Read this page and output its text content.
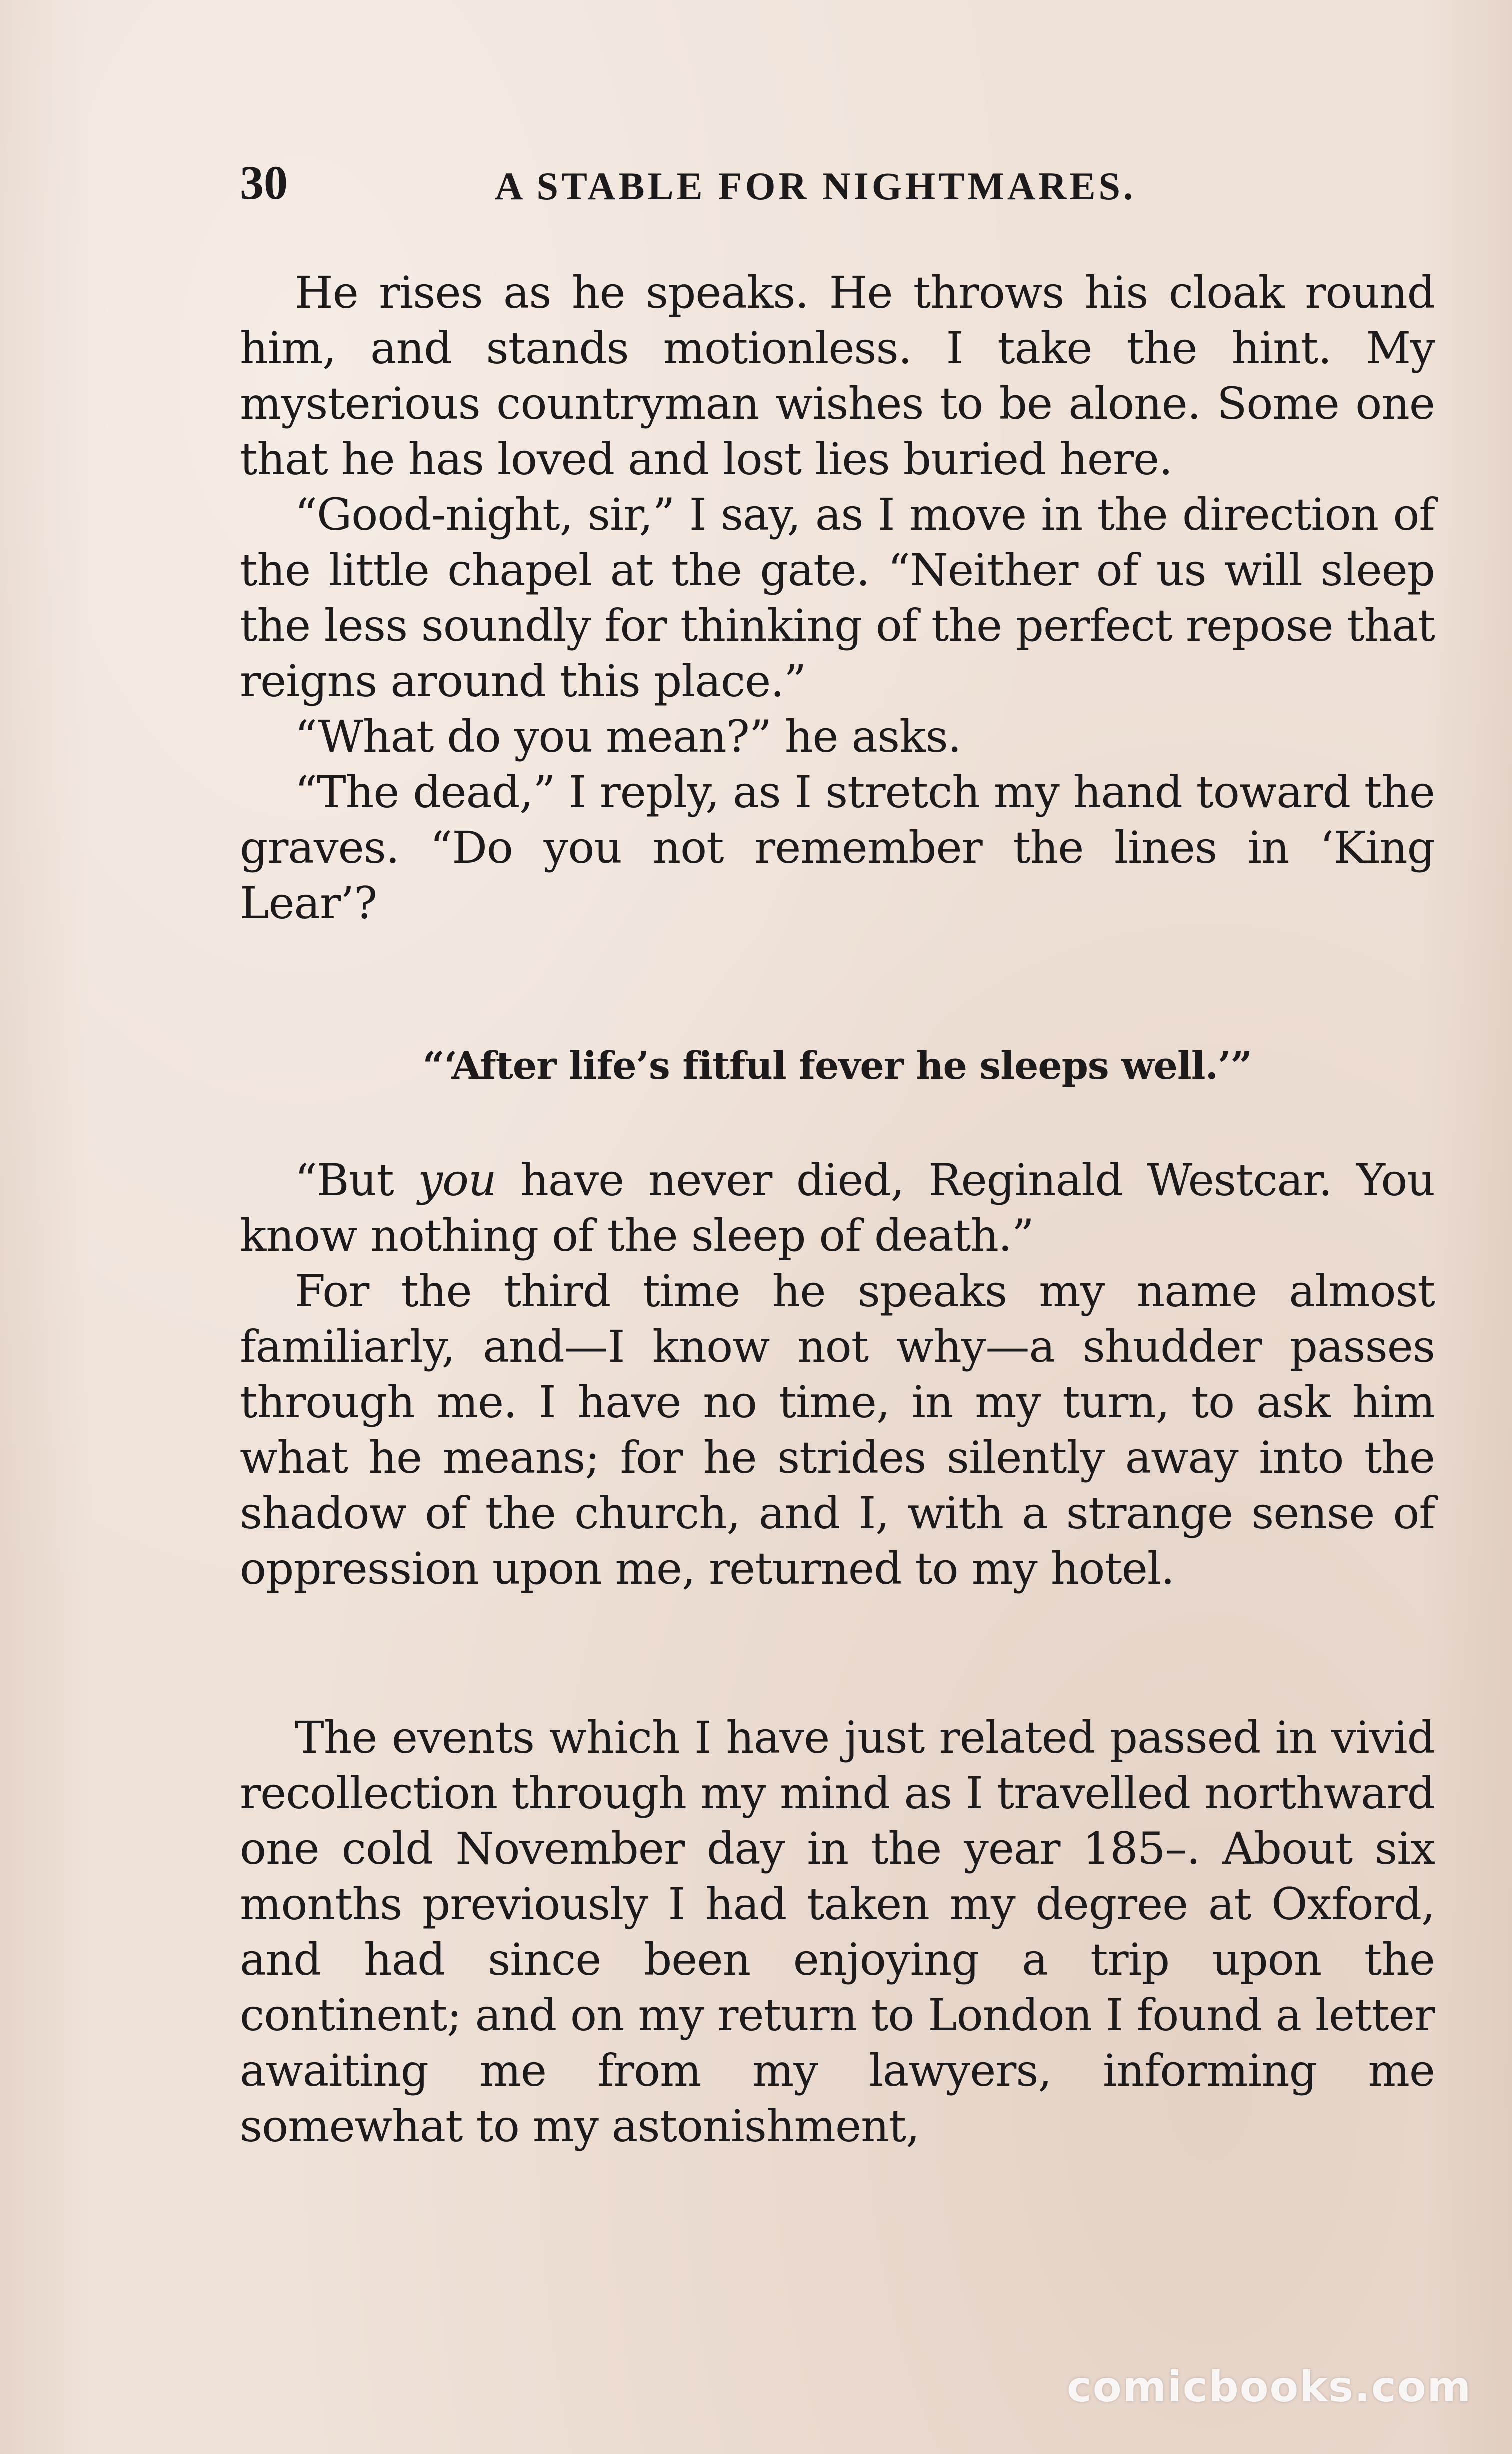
30	A STABLE FOR NIGHTMARES.

He rises as he speaks. He throws his cloak round him, and stands motionless. I take the hint. My mysterious countryman wishes to be alone. Some one that he has loved and lost lies buried here.

“Good-night, sir,” I say, as I move in the direction of the little chapel at the gate. “Neither of us will sleep the less soundly for thinking of the perfect repose that reigns around this place.”

“What do you mean?” he asks.

“The dead,” I reply, as I stretch my hand toward the graves. “Do you not remember the lines in ‘King Lear’?

“‘After life’s fitful fever he sleeps well.’”

“But you have never died, Reginald Westcar. You know nothing of the sleep of death.”

For the third time he speaks my name almost familiarly, and—I know not why—a shudder passes through me. I have no time, in my turn, to ask him what he means; for he strides silently away into the shadow of the church, and I, with a strange sense of oppression upon me, returned to my hotel.

The events which I have just related passed in vivid recollection through my mind as I travelled northward one cold November day in the year 185–. About six months previously I had taken my degree at Oxford, and had since been enjoying a trip upon the continent; and on my return to London I found a letter awaiting me from my lawyers, informing me somewhat to my astonishment,

comicbooks.com
